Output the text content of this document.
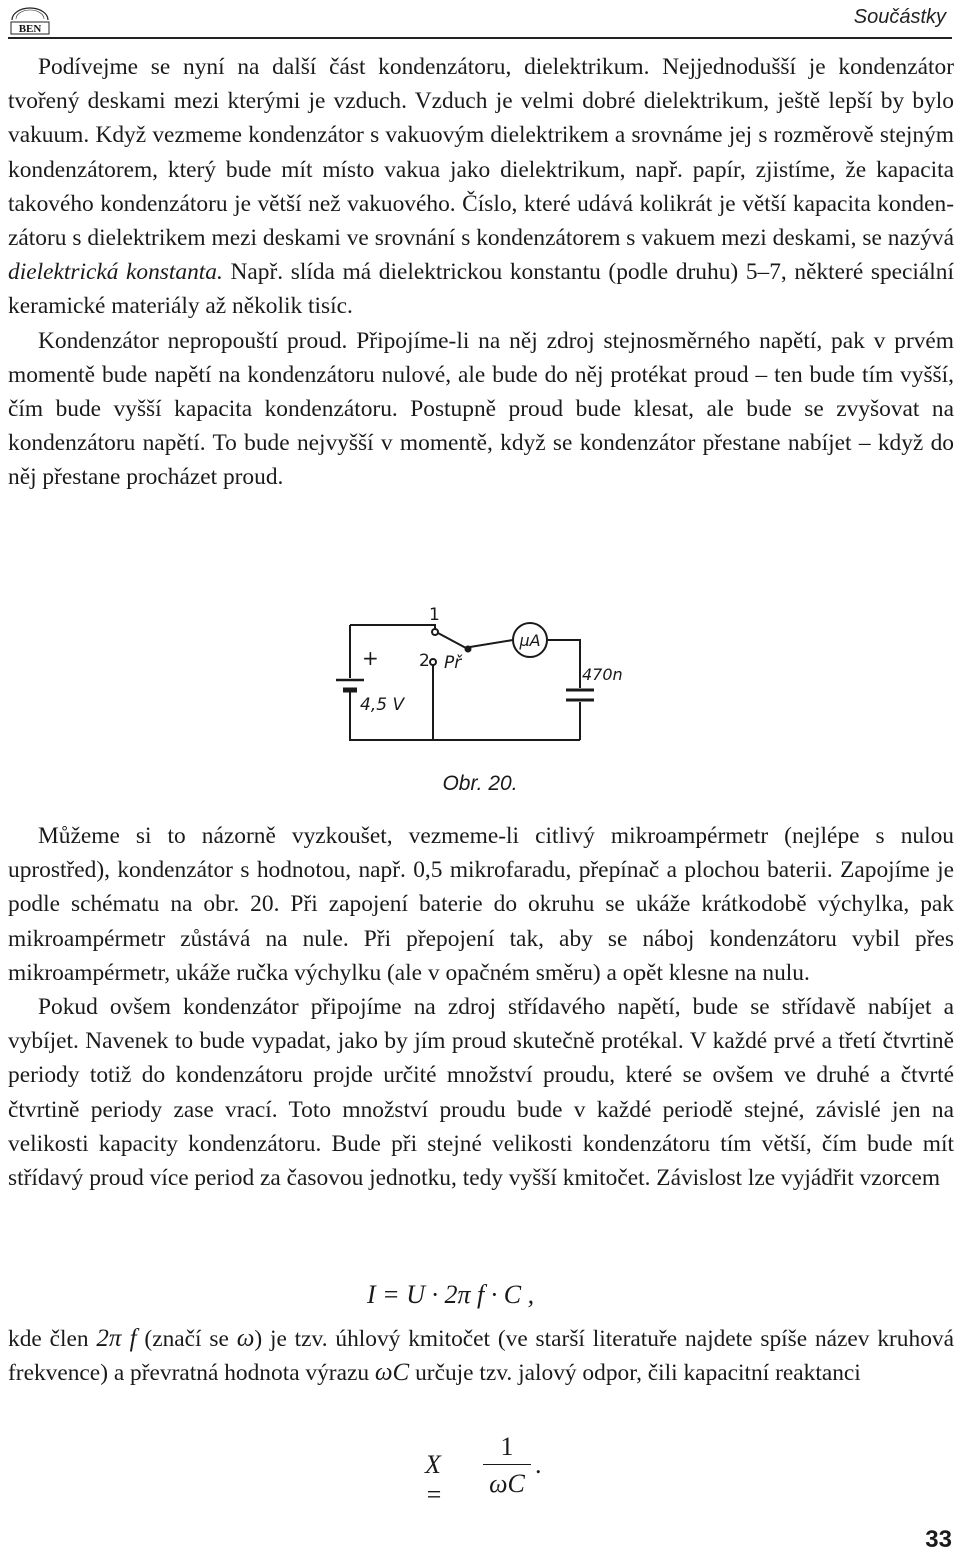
BEN
Součástky

Podívejme se nyní na další část kondenzátoru, dielektrikum. Nejjednodušší je kondenzátor tvořený deskami mezi kterými je vzduch. Vzduch je velmi dobré dielektrikum, ještě lepší by bylo vakuum. Když vezmeme kondenzátor s vakuovým dielektrikem a srovnáme jej s rozměrově stejným kondenzátorem, který bude mít místo vakua jako dielektrikum, např. papír, zjistíme, že kapacita takového kondenzátoru je větší než vakuového. Číslo, které udává kolikrát je větší kapacita kondenzátoru s dielektrikem mezi deskami ve srovnání s kondenzátorem s vakuem mezi deskami, se nazývá dielektrická konstanta. Např. slída má dielektrickou konstantu (podle druhu) 5–7, některé speciální keramické materiály až několik tisíc.

Kondenzátor nepropouští proud. Připojíme-li na něj zdroj stejnosměrného napětí, pak v prvém momentě bude napětí na kondenzátoru nulové, ale bude do něj protékat proud – ten bude tím vyšší, čím bude vyšší kapacita kondenzátoru. Postupně proud bude klesat, ale bude se zvyšovat na kondenzátoru napětí. To bude nejvyšší v momentě, když se kondenzátor přestane nabíjet – když do něj přestane procházet proud.

1
2 Př
μA
+
4,5 V
470n
Obr. 20.

Můžeme si to názorně vyzkoušet, vezmeme-li citlivý mikroampérmetr (nejlépe s nulou uprostřed), kondenzátor s hodnotou, např. 0,5 mikrofaradu, přepínač a plochou baterii. Zapojíme je podle schématu na obr. 20. Při zapojení baterie do okruhu se ukáže krátkodobě výchylka, pak mikroampérmetr zůstává na nule. Při přepojení tak, aby se náboj kondenzátoru vybil přes mikroampérmetr, ukáže ručka výchylku (ale v opačném směru) a opět klesne na nulu.

Pokud ovšem kondenzátor připojíme na zdroj střídavého napětí, bude se střídavě nabíjet a vybíjet. Navenek to bude vypadat, jako by jím proud skutečně protékal. V každé prvé a třetí čtvrtině periody totiž do kondenzátoru projde určité množství proudu, které se ovšem ve druhé a čtvrté čtvrtině periody zase vrací. Toto množství proudu bude v každé periodě stejné, závislé jen na velikosti kapacity kondenzátoru. Bude při stejné velikosti kondenzátoru tím větší, čím bude mít střídavý proud více period za časovou jednotku, tedy vyšší kmitočet. Závislost lze vyjádřit vzorcem

I = U · 2π f · C ,

kde člen 2π f (značí se ω) je tzv. úhlový kmitočet (ve starší literatuře najdete spíše název kruhová frekvence) a převratná hodnota výrazu ωC určuje tzv. jalový odpor, čili kapacitní reaktanci

X =
1
ωC
.
33
